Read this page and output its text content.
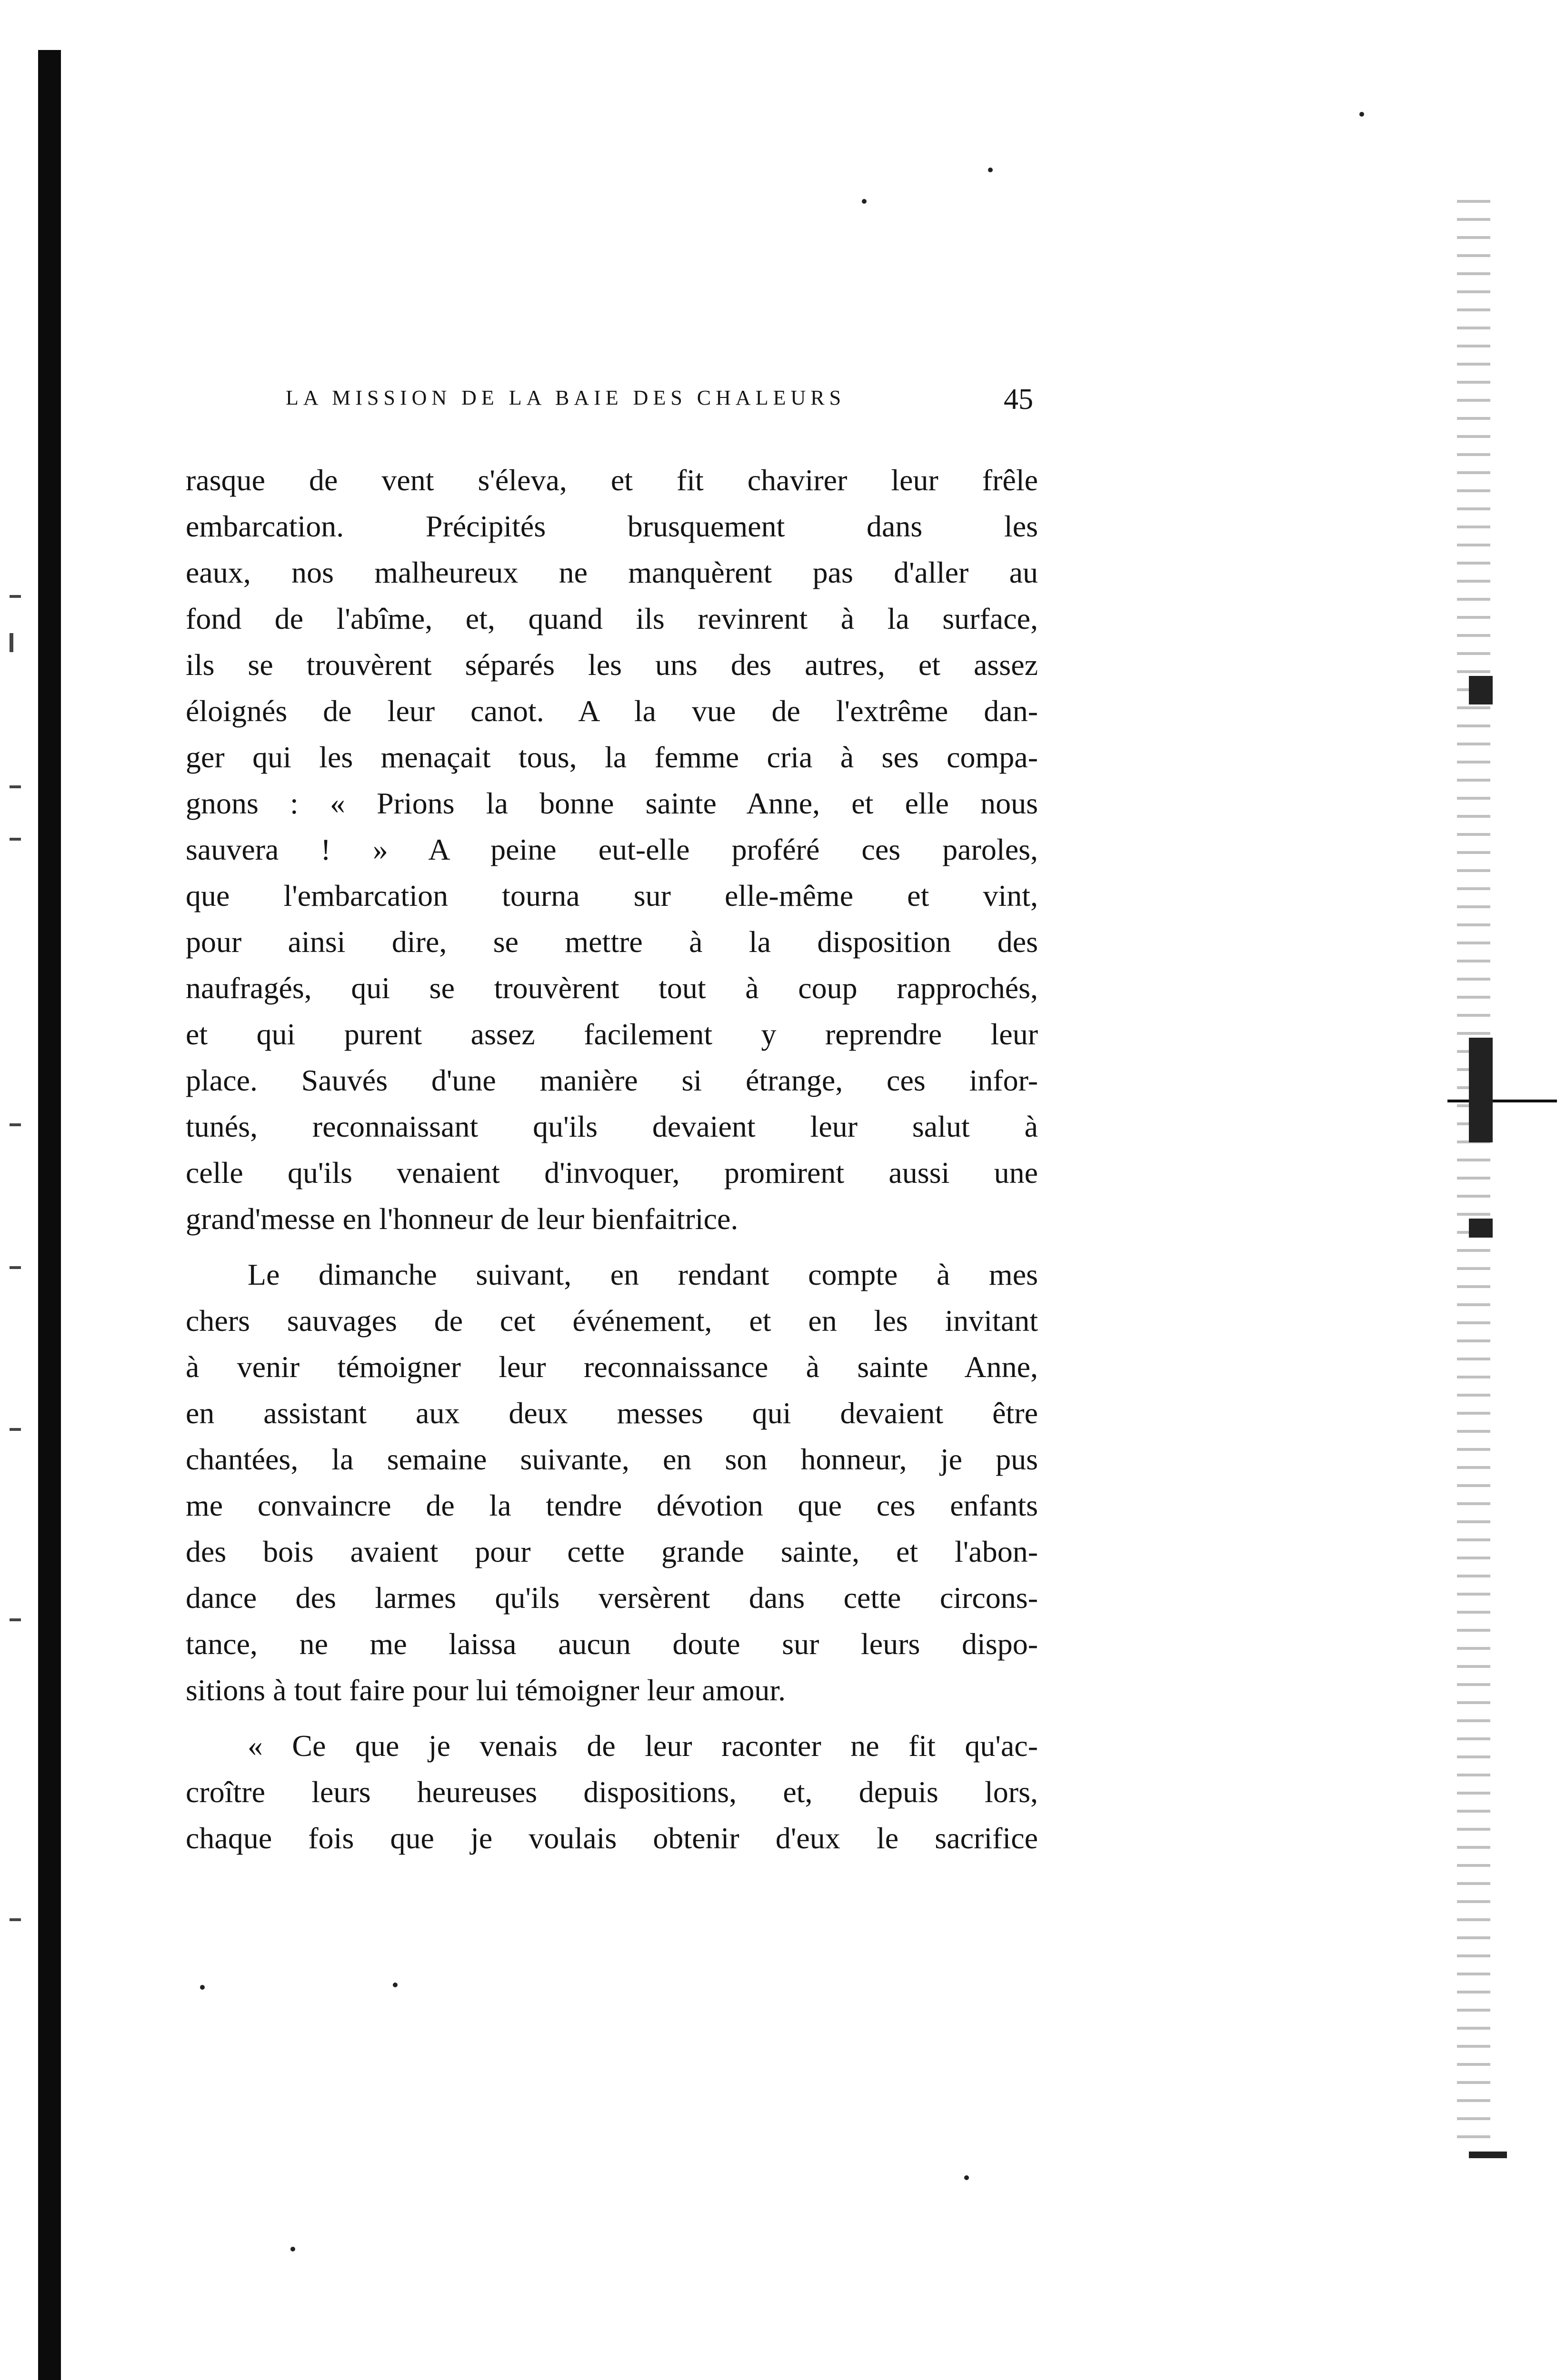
LA MISSION DE LA BAIE DES CHALEURS	45
rasque de vent s'éleva, et fit chavirer leur frêle
embarcation. Précipités brusquement dans les
eaux, nos malheureux ne manquèrent pas d'aller au
fond de l'abîme, et, quand ils revinrent à la surface,
ils se trouvèrent séparés les uns des autres, et assez
éloignés de leur canot. A la vue de l'extrême dan-
ger qui les menaçait tous, la femme cria à ses compa-
gnons : « Prions la bonne sainte Anne, et elle nous
sauvera ! » A peine eut-elle proféré ces paroles,
que l'embarcation tourna sur elle-même et vint,
pour ainsi dire, se mettre à la disposition des
naufragés, qui se trouvèrent tout à coup rapprochés,
et qui purent assez facilement y reprendre leur
place. Sauvés d'une manière si étrange, ces infor-
tunés, reconnaissant qu'ils devaient leur salut à
celle qu'ils venaient d'invoquer, promirent aussi une
grand'messe en l'honneur de leur bienfaitrice.
Le dimanche suivant, en rendant compte à mes
chers sauvages de cet événement, et en les invitant
à venir témoigner leur reconnaissance à sainte Anne,
en assistant aux deux messes qui devaient être
chantées, la semaine suivante, en son honneur, je pus
me convaincre de la tendre dévotion que ces enfants
des bois avaient pour cette grande sainte, et l'abon-
dance des larmes qu'ils versèrent dans cette circons-
tance, ne me laissa aucun doute sur leurs dispo-
sitions à tout faire pour lui témoigner leur amour.
« Ce que je venais de leur raconter ne fit qu'ac-
croître leurs heureuses dispositions, et, depuis lors,
chaque fois que je voulais obtenir d'eux le sacrifice
